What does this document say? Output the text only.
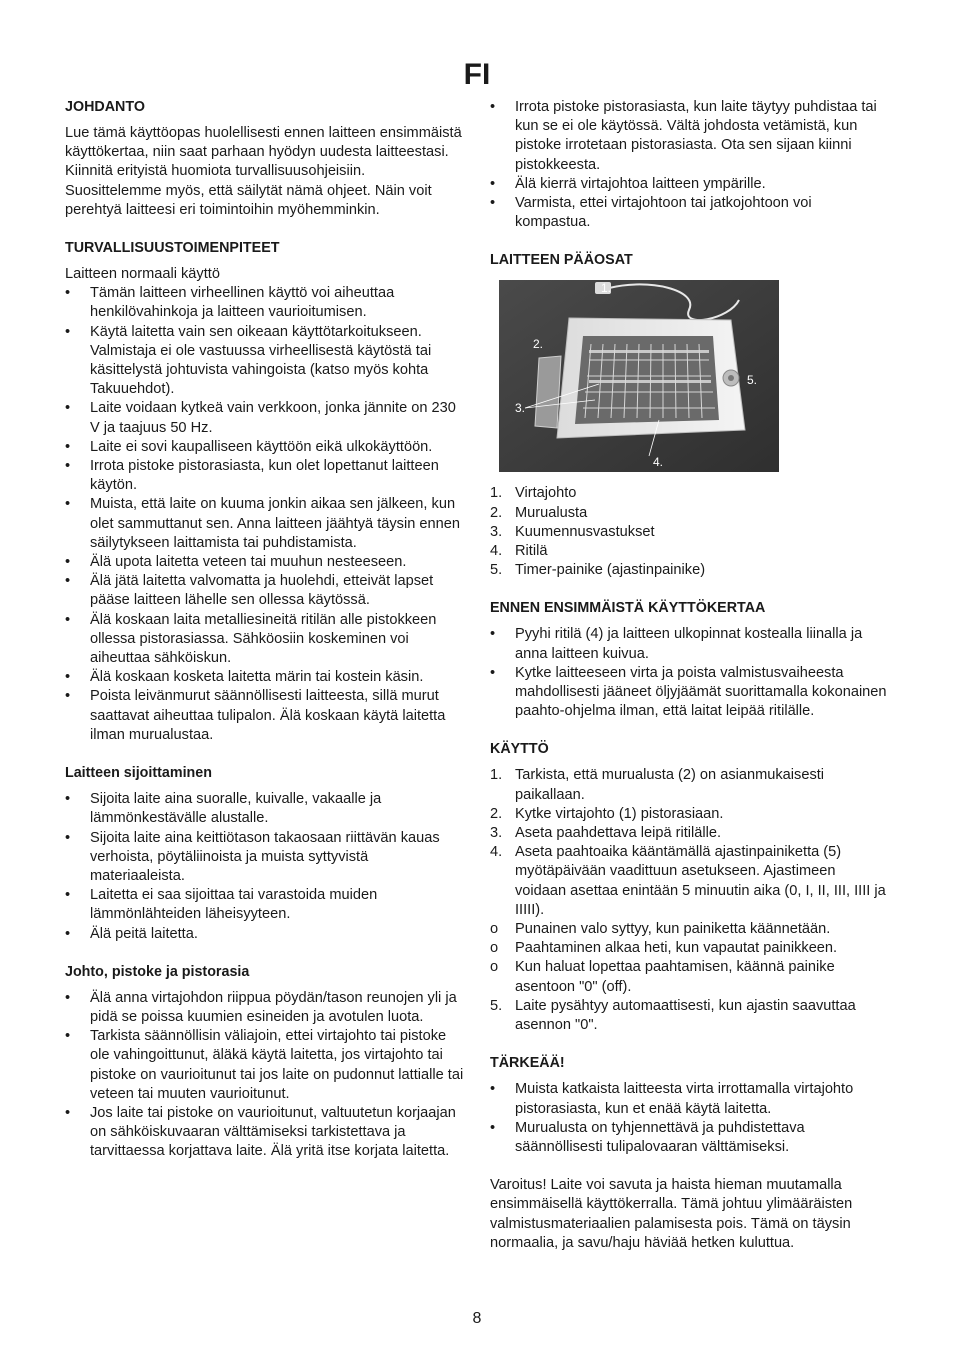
FI
JOHDANTO

Lue tämä käyttöopas huolellisesti ennen laitteen ensimmäistä käyttökertaa, niin saat parhaan hyödyn uudesta laitteestasi. Kiinnitä erityistä huomiota turvallisuusohjeisiin. Suosittelemme myös, että säilytät nämä ohjeet. Näin voit perehtyä laitteesi eri toimintoihin myöhemminkin.

TURVALLISUUSTOIMENPITEET

Laitteen normaali käyttö

•	Tämän laitteen virheellinen käyttö voi aiheuttaa henkilövahinkoja ja laitteen vaurioitumisen.
•	Käytä laitetta vain sen oikeaan käyttötarkoitukseen. Valmistaja ei ole vastuussa virheellisestä käytöstä tai käsittelystä johtuvista vahingoista (katso myös kohta Takuuehdot).
•	Laite voidaan kytkeä vain verkkoon, jonka jännite on 230 V ja taajuus 50 Hz.
•	Laite ei sovi kaupalliseen käyttöön eikä ulkokäyttöön.
•	Irrota pistoke pistorasiasta, kun olet lopettanut laitteen käytön.
•	Muista, että laite on kuuma jonkin aikaa sen jälkeen, kun olet sammuttanut sen. Anna laitteen jäähtyä täysin ennen säilytykseen laittamista tai puhdistamista.
•	Älä upota laitetta veteen tai muuhun nesteeseen.
•	Älä jätä laitetta valvomatta ja huolehdi, etteivät lapset pääse laitteen lähelle sen ollessa käytössä.
•	Älä koskaan laita metalliesineitä ritilän alle pistokkeen ollessa pistorasiassa. Sähköosiin koskeminen voi aiheuttaa sähköiskun.
•	Älä koskaan kosketa laitetta märin tai kostein käsin.
•	Poista leivänmurut säännöllisesti laitteesta, sillä murut saattavat aiheuttaa tulipalon. Älä koskaan käytä laitetta ilman murualustaa.
Laitteen sijoittaminen
•	Sijoita laite aina suoralle, kuivalle, vakaalle ja lämmönkestävälle alustalle.
•	Sijoita laite aina keittiötason takaosaan riittävän kauas verhoista, pöytäliinoista ja muista syttyvistä materiaaleista.
•	Laitetta ei saa sijoittaa tai varastoida muiden lämmönlähteiden läheisyyteen.
•	Älä peitä laitetta.
Johto, pistoke ja pistorasia
•	Älä anna virtajohdon riippua pöydän/tason reunojen yli ja pidä se poissa kuumien esineiden ja avotulen luota.
•	Tarkista säännöllisin väliajoin, ettei virtajohto tai pistoke ole vahingoittunut, äläkä käytä laitetta, jos virtajohto tai pistoke on vaurioitunut tai jos laite on pudonnut lattialle tai veteen tai muuten vaurioitunut.
•	Jos laite tai pistoke on vaurioitunut, valtuutetun korjaajan on sähköiskuvaaran välttämiseksi tarkistettava ja tarvittaessa korjattava laite. Älä yritä itse korjata laitetta.
•	Irrota pistoke pistorasiasta, kun laite täytyy puhdistaa tai kun se ei ole käytössä. Vältä johdosta vetämistä, kun pistoke irrotetaan pistorasiasta. Ota sen sijaan kiinni pistokkeesta.
•	Älä kierrä virtajohtoa laitteen ympärille.
•	Varmista, ettei virtajohtoon tai jatkojohtoon voi kompastua.
LAITTEEN PÄÄOSAT
1.
2.
3.
4.
5.
1. Virtajohto
2. Murualusta
3. Kuumennusvastukset
4. Ritilä
5. Timer-painike (ajastinpainike)
ENNEN ENSIMMÄISTÄ KÄYTTÖKERTAA
•	Pyyhi ritilä (4) ja laitteen ulkopinnat kostealla liinalla ja anna laitteen kuivua.
•	Kytke laitteeseen virta ja poista valmistusvaiheesta mahdollisesti jääneet öljyjäämät suorittamalla kokonainen paahto-ohjelma ilman, että laitat leipää ritilälle.
KÄYTTÖ
1. Tarkista, että murualusta (2) on asianmukaisesti paikallaan.
2. Kytke virtajohto (1) pistorasiaan.
3. Aseta paahdettava leipä ritilälle.
4. Aseta paahtoaika kääntämällä ajastinpainiketta (5) myötäpäivään vaadittuun asetukseen. Ajastimeen voidaan asettaa enintään 5 minuutin aika (0, I, II, III, IIII ja IIIII).
o	Punainen valo syttyy, kun painiketta käännetään.
o	Paahtaminen alkaa heti, kun vapautat painikkeen.
o	Kun haluat lopettaa paahtamisen, käännä painike asentoon "0" (off).
5. Laite pysähtyy automaattisesti, kun ajastin saavuttaa asennon "0".
TÄRKEÄÄ!
•	Muista katkaista laitteesta virta irrottamalla virtajohto pistorasiasta, kun et enää käytä laitetta.
•	Murualusta on tyhjennettävä ja puhdistettava säännöllisesti tulipalovaaran välttämiseksi.

Varoitus! Laite voi savuta ja haista hieman muutamalla ensimmäisellä käyttökerralla. Tämä johtuu ylimääräisten valmistusmateriaalien palamisesta pois. Tämä on täysin normaalia, ja savu/haju häviää hetken kuluttua.

8
